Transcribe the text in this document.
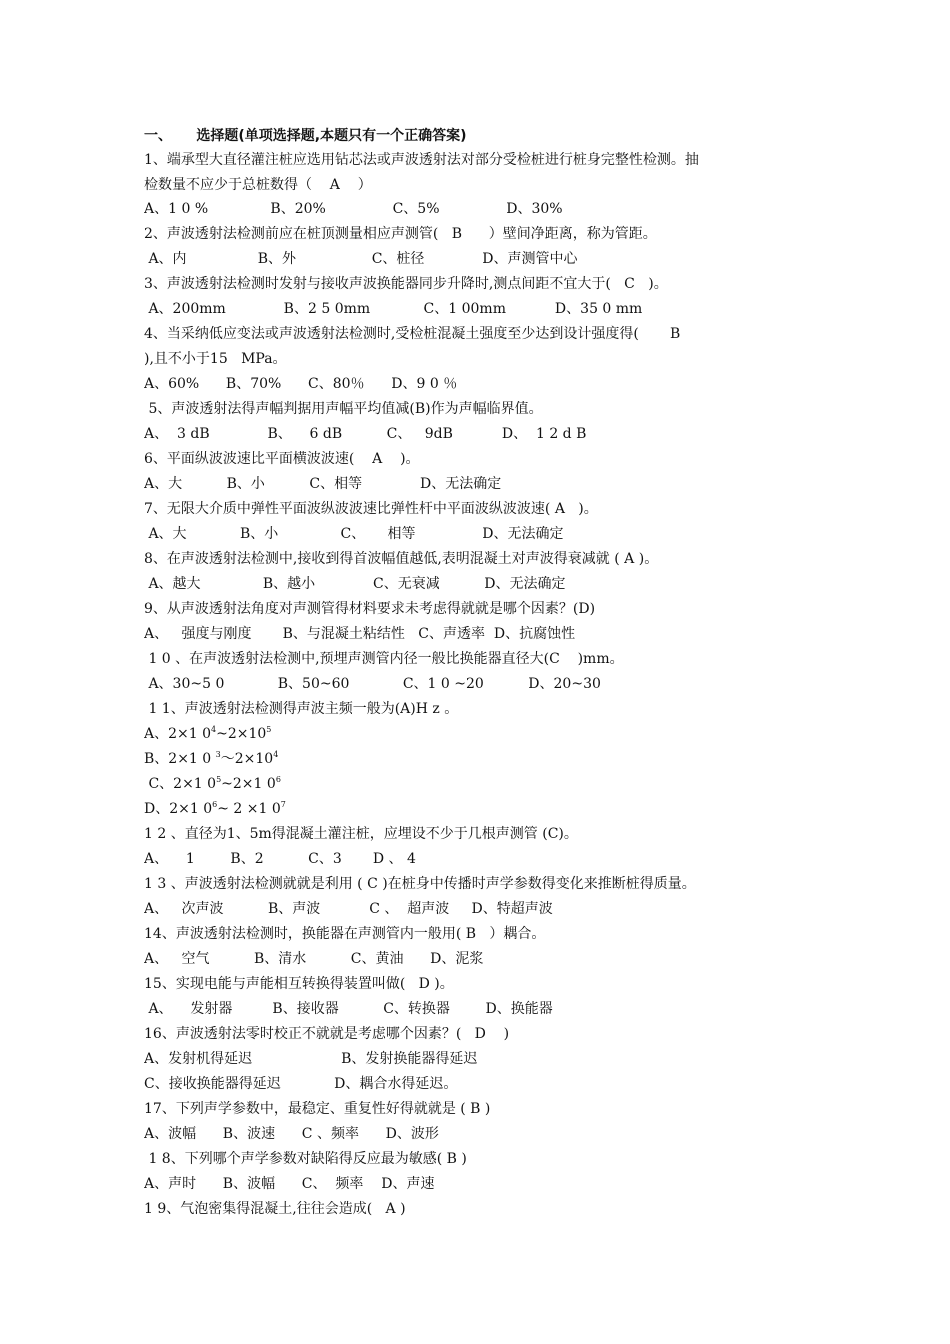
一、     选择题(单项选择题,本题只有一个正确答案)
1、端承型大直径灌注桩应选用钻芯法或声波透射法对部分受检桩进行桩身完整性检测。抽
检数量不应少于总桩数得（    A    ）
A、1 0 %              B、20%               C、5%               D、30%
2、声波透射法检测前应在桩顶测量相应声测管(   B      ）壁间净距离，称为管距。
A、内                B、外                 C、桩径             D、声测管中心
3、声波透射法检测时发射与接收声波换能器同步升降时,测点间距不宜大于(   C   )。
A、200mm             B、2 5 0mm            C、1 00mm           D、35 0 mm
4、当采纳低应变法或声波透射法检测时,受检桩混凝土强度至少达到设计强度得(       B
),且不小于15   MPa。
A、60%      B、70%      C、80％      D、9 0 ％
5、声波透射法得声幅判据用声幅平均值减(B)作为声幅临界值。
A、  3 dB             B、    6 dB          C、   9dB           D、  1 2 d B
6、平面纵波波速比平面横波波速(    A    )。
A、大          B、小          C、相等             D、无法确定
7、无限大介质中弹性平面波纵波波速比弹性杆中平面波纵波波速( A   )。
A、大            B、小              C、     相等               D、无法确定
8、在声波透射法检测中,接收到得首波幅值越低,表明混凝土对声波得衰减就 ( A )。
A、越大              B、越小             C、无衰减          D、无法确定
9、从声波透射法角度对声测管得材料要求未考虑得就就是哪个因素？(D)
A、   强度与刚度       B、与混凝土粘结性   C、声透率  D、抗腐蚀性
1 0 、在声波透射法检测中,预埋声测管内径一般比换能器直径大(C    )mm。
A、30~5 0            B、50~60            C、1 0 ~20          D、20~30
1 1、声波透射法检测得声波主频一般为(A)H z 。
A、2×1 $0^4\sim 2\times 10^5$
B、2×1 0 $^3\sim 2\times 10^4$
C、2×1 $0^5\sim 2\times 1$ $0^6$
D、2×1 $0^6\sim$ 2 ×1 $0^7$
1 2 、直径为1、5m得混凝土灌注桩，应埋设不少于几根声测管 (C)。
A、    1        B、2          C、3       D 、 4
1 3 、声波透射法检测就就是利用 ( C )在桩身中传播时声学参数得变化来推断桩得质量。
A、   次声波          B、声波           C 、  超声波     D、特超声波
14、声波透射法检测时，换能器在声测管内一般用( B   ）耦合。
A、   空气          B、清水          C、黄油      D、泥浆
15、实现电能与声能相互转换得装置叫做(   D )。
A、    发射器         B、接收器          C、转换器        D、换能器
16、声波透射法零时校正不就就是考虑哪个因素？(   D    )
A、发射机得延迟                    B、发射换能器得延迟
C、接收换能器得延迟            D、耦合水得延迟。
17、下列声学参数中，最稳定、重复性好得就就是 ( B )
A、波幅      B、波速      C 、频率      D、波形
1 8、下列哪个声学参数对缺陷得反应最为敏感( B )
A、声时      B、波幅      C、  频率    D、声速
1 9、气泡密集得混凝土,往往会造成(   A )
